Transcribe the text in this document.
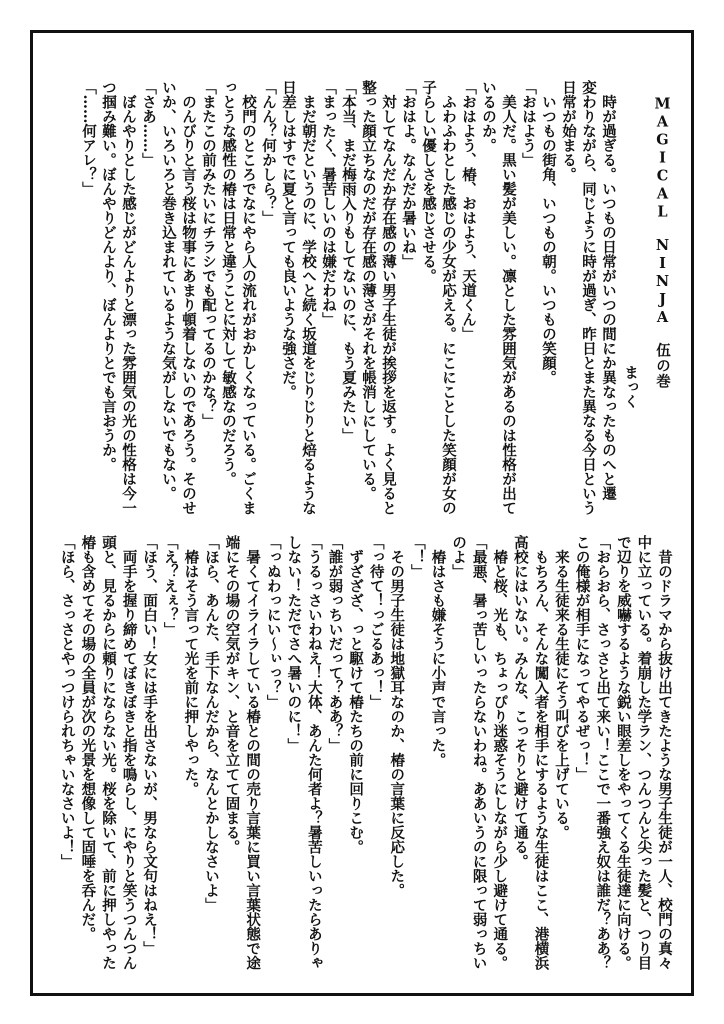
　MAGICAL　NINJA　伍の巻
まっく
　時が過ぎる。いつもの日常がいつの間にか異なったものへと遷
変わりながら、同じように時が過ぎ、昨日とまた異なる今日という
日常が始まる。
　いつもの街角、いつもの朝。いつもの笑顔。
「おはよう」
　美人だ。黒い髪が美しい。凛とした雰囲気があるのは性格が出て
いるのか。
「おはよう、椿、おはよう、天道くん」
　ふわふわとした感じの少女が応える。にこにことした笑顔が女の
子らしい優しさを感じさせる。
「おはよ。なんだか暑いね」
　対してなんだか存在感の薄い男子生徒が挨拶を返す。よく見ると
整った顔立ちなのだが存在感の薄さがそれを帳消しにしている。
「本当、まだ梅雨入りもしてないのに、もう夏みたい」
「まったく、暑苦しいのは嫌だわね」
　まだ朝だというのに、学校へと続く坂道をじりじりと焙るような
日差しはすでに夏と言っても良いような強さだ。
「んん？何かしら？」
　校門のところでなにやら人の流れがおかしくなっている。ごくま
っとうな感性の椿は日常と違うことに対して敏感なのだろう。
「またこの前みたいにチラシでも配ってるのかな？」
　のんびりと言う桜は物事にあまり頓着しないのであろう。そのせ
いか、いろいろと巻き込まれているような気がしないでもない。
「さあ……」
　ぼんやりとした感じがどんよりと漂った雰囲気の光の性格は今一
つ掴み難い。ぼんやりどんより、ぼんよりとでも言おうか。
「……何アレ？」
　昔のドラマから抜け出てきたような男子生徒が一人、校門の真々
中に立っている。着崩した学ラン、つんつんと尖った髪と、つり目
で辺りを威嚇するような鋭い眼差しをやってくる生徒達に向ける。
「おらおら、さっさと出て来い！ここで一番強え奴は誰だ？ああ？
この俺様が相手になってやるぜっ！」
　来る生徒来る生徒にそう叫びを上げている。
　もちろん、そんな闖入者を相手にするような生徒はここ、港横浜
高校にはいない。みんな、こっそりと避けて通る。
　椿と桜、光も、ちょっぴり迷惑そうにしながら少し避けて通る。
「最悪、暑っ苦しいったらないわね。ああいうのに限って弱っちい
のよ」
　椿はさも嫌そうに小声で言った。
「！」
　その男子生徒は地獄耳なのか、椿の言葉に反応した。
「っ待て！っごるあっ！」
　ずざざざ、っと駆けて椿たちの前に回りこむ。
「誰が弱っちいだって？ああ？」
「うるっさいわねえ！大体、あんた何者よ？暑苦しいったらありゃ
しない！ただでさへ暑いのに！」
「っぬわっにい～ぃっ？」
　暑くてイライラしている椿との間の売り言葉に買い言葉状態で途
端にその場の空気がキン、と音を立てて固まる。
「ほら、あんた、手下なんだから、なんとかしなさいよ」
　椿はそう言って光を前に押しやった。
「え？えぇ？」
「ほう、面白い！女には手を出さないが、男なら文句はねえ！」
　両手を握り締めてぼきぼきと指を鳴らし、にやりと笑うつんつん
頭と、見るからに頼りにならない光。桜を除いて、前に押しやった
椿も含めてその場の全員が次の光景を想像して固唾を呑んだ。
「ほら、さっさとやっつけられちゃいなさいよ！」
